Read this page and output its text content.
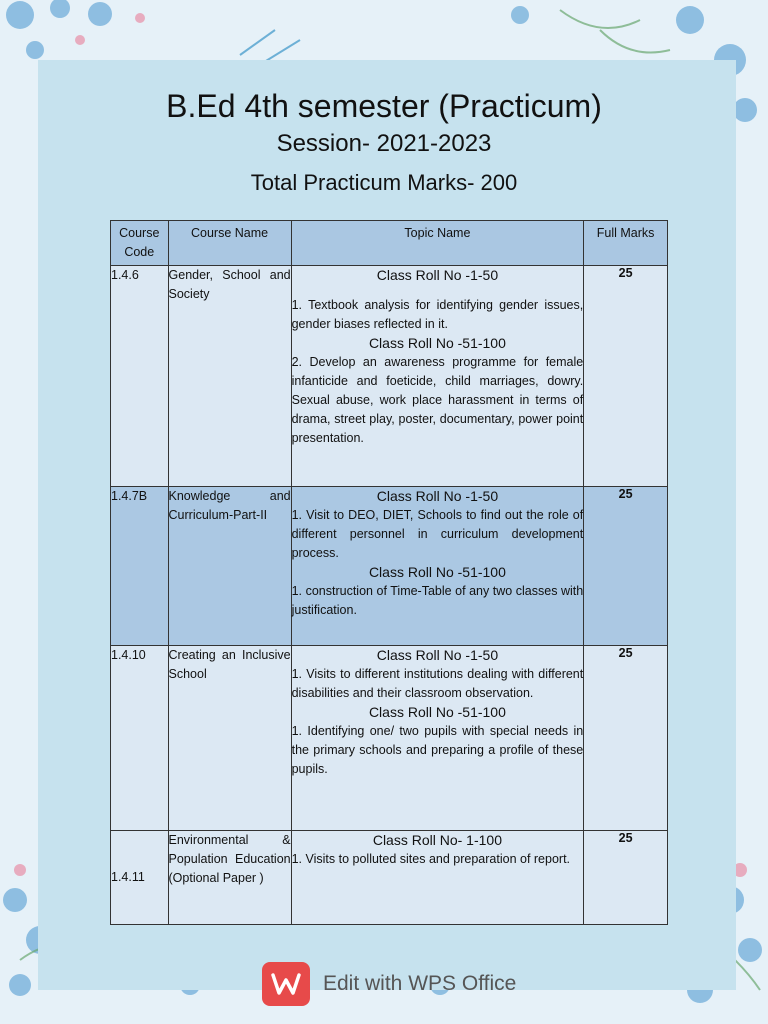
B.Ed 4th semester (Practicum)
Session- 2021-2023
Total Practicum Marks- 200
Course Code	Course Name	Topic Name	Full Marks
1.4.6	Gender, School and Society	Class Roll No -1-50
1. Textbook analysis for identifying gender issues, gender biases reflected in it.
Class Roll No -51-100
2. Develop an awareness programme for female infanticide and foeticide, child marriages, dowry. Sexual abuse, work place harassment in terms of drama, street play, poster, documentary, power point presentation.	25
1.4.7B	Knowledge and Curriculum-Part-II	Class Roll No -1-50
1. Visit to DEO, DIET, Schools to find out the role of different personnel in curriculum development process.
Class Roll No -51-100
1. construction of Time-Table of any two classes with justification.	25
1.4.10	Creating an Inclusive School	Class Roll No -1-50
1. Visits to different institutions dealing with different disabilities and their classroom observation.
Class Roll No -51-100
1. Identifying one/ two pupils with special needs in the primary schools and preparing a profile of these pupils.	25
1.4.11	Environmental & Population Education (Optional Paper )	Class Roll No- 1-100
1. Visits to polluted sites and preparation of report.	25
Edit with WPS Office
